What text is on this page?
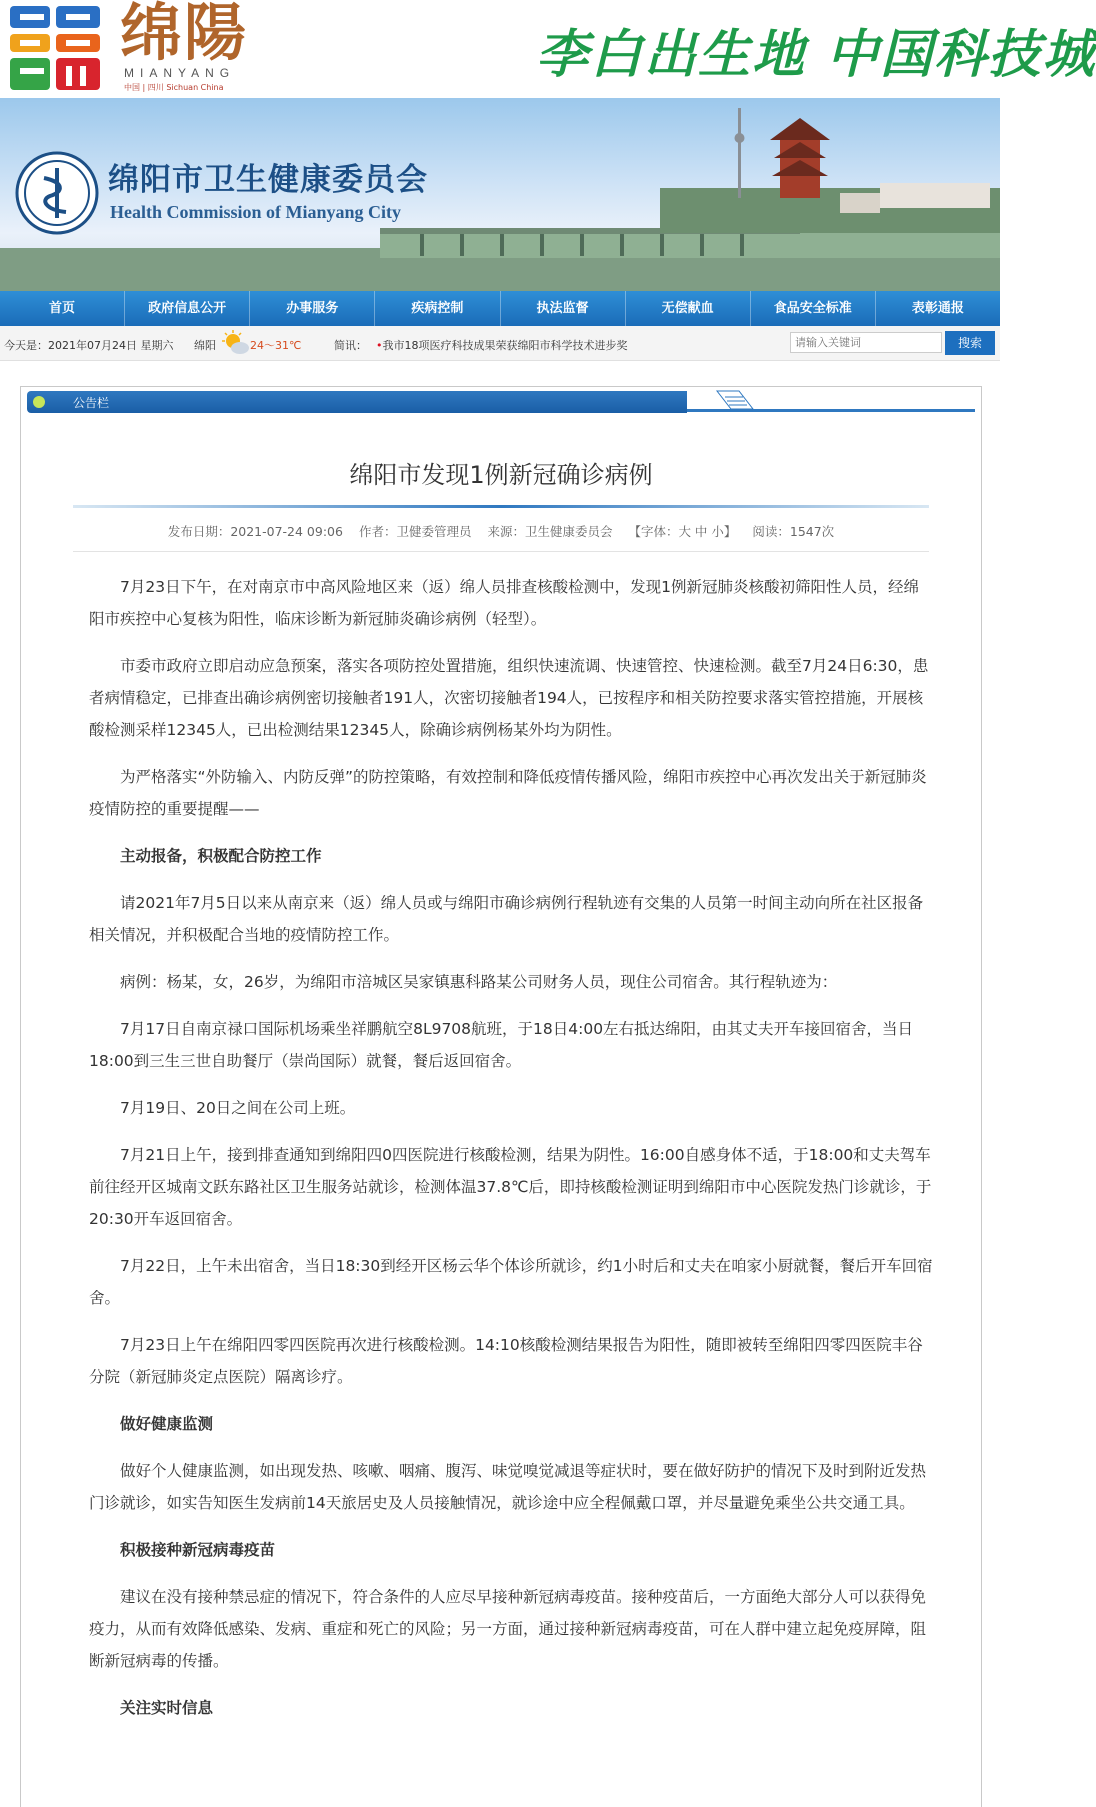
绵陽
MIANYANG
中国 | 四川 Sichuan China
李白出生地 中国科技城
绵阳市卫生健康委员会
Health Commission of Mianyang City
首页	政府信息公开	办事服务	疾病控制	执法监督	无偿献血	食品安全标准	表彰通报
今天是：2021年07月24日 星期六 绵阳	24～31℃	简讯： •我市18项医疗科技成果荣获绵阳市科学技术进步奖
请输入关键词	搜索
公告栏
绵阳市发现1例新冠确诊病例
发布日期：2021-07-24 09:06 作者：卫健委管理员 来源：卫生健康委员会 【字体：大 中 小】 阅读：1547次

7月23日下午，在对南京市中高风险地区来（返）绵人员排查核酸检测中，发现1例新冠肺炎核酸初筛阳性人员，经绵阳市疾控中心复核为阳性，临床诊断为新冠肺炎确诊病例（轻型）。

市委市政府立即启动应急预案，落实各项防控处置措施，组织快速流调、快速管控、快速检测。截至7月24日6:30，患者病情稳定，已排查出确诊病例密切接触者191人，次密切接触者194人，已按程序和相关防控要求落实管控措施，开展核酸检测采样12345人，已出检测结果12345人，除确诊病例杨某外均为阴性。

为严格落实“外防输入、内防反弹”的防控策略，有效控制和降低疫情传播风险，绵阳市疾控中心再次发出关于新冠肺炎疫情防控的重要提醒——

主动报备，积极配合防控工作

请2021年7月5日以来从南京来（返）绵人员或与绵阳市确诊病例行程轨迹有交集的人员第一时间主动向所在社区报备相关情况，并积极配合当地的疫情防控工作。

病例：杨某，女，26岁，为绵阳市涪城区吴家镇惠科路某公司财务人员，现住公司宿舍。其行程轨迹为：

7月17日自南京禄口国际机场乘坐祥鹏航空8L9708航班，于18日4:00左右抵达绵阳，由其丈夫开车接回宿舍，当日18:00到三生三世自助餐厅（崇尚国际）就餐，餐后返回宿舍。

7月19日、20日之间在公司上班。

7月21日上午，接到排查通知到绵阳四0四医院进行核酸检测，结果为阴性。16:00自感身体不适，于18:00和丈夫驾车前往经开区城南文跃东路社区卫生服务站就诊，检测体温37.8℃后，即持核酸检测证明到绵阳市中心医院发热门诊就诊，于20:30开车返回宿舍。

7月22日，上午未出宿舍，当日18:30到经开区杨云华个体诊所就诊，约1小时后和丈夫在咱家小厨就餐，餐后开车回宿舍。

7月23日上午在绵阳四零四医院再次进行核酸检测。14:10核酸检测结果报告为阳性，随即被转至绵阳四零四医院丰谷分院（新冠肺炎定点医院）隔离诊疗。

做好健康监测

做好个人健康监测，如出现发热、咳嗽、咽痛、腹泻、味觉嗅觉减退等症状时，要在做好防护的情况下及时到附近发热门诊就诊，如实告知医生发病前14天旅居史及人员接触情况，就诊途中应全程佩戴口罩，并尽量避免乘坐公共交通工具。

积极接种新冠病毒疫苗

建议在没有接种禁忌症的情况下，符合条件的人应尽早接种新冠病毒疫苗。接种疫苗后，一方面绝大部分人可以获得免疫力，从而有效降低感染、发病、重症和死亡的风险；另一方面，通过接种新冠病毒疫苗，可在人群中建立起免疫屏障，阻断新冠病毒的传播。

关注实时信息
